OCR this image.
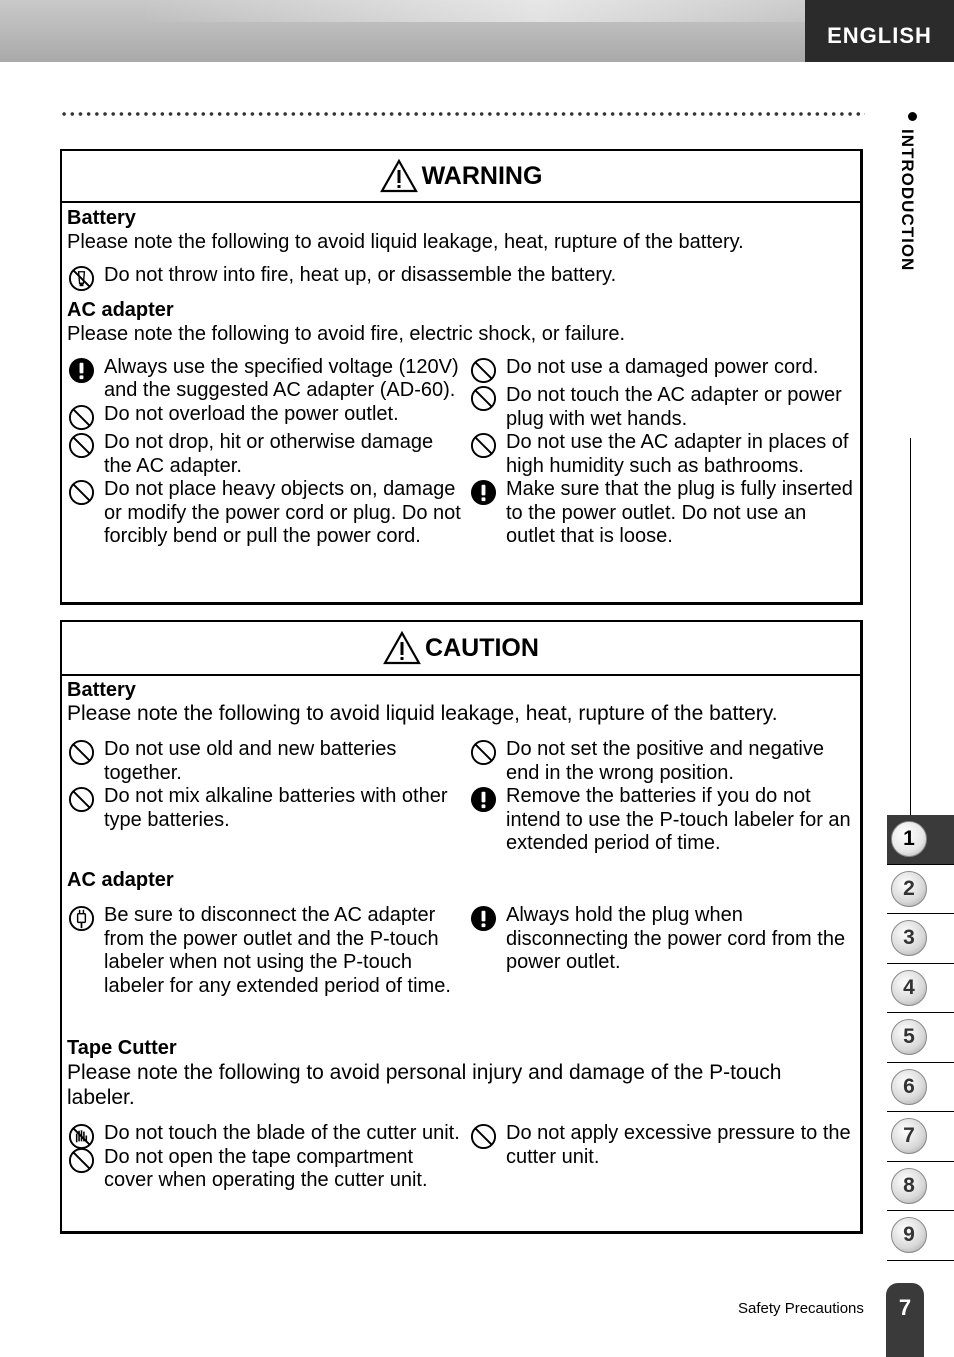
ENGLISH
INTRODUCTION
1
2
3
4
5
6
7
8
9
WARNING
Battery
Please note the following to avoid liquid leakage, heat, rupture of the battery.
Do not throw into fire, heat up, or disassemble the battery.
AC adapter
Please note the following to avoid fire, electric shock, or failure.
Always use the specified voltage (120V) and the suggested AC adapter (AD-60).
Do not overload the power outlet.
Do not drop, hit or otherwise damage the AC adapter.
Do not place heavy objects on, damage or modify the power cord or plug. Do not forcibly bend or pull the power cord.
Do not use a damaged power cord.
Do not touch the AC adapter or power plug with wet hands.
Do not use the AC adapter in places of high humidity such as bathrooms.
Make sure that the plug is fully inserted to the power outlet. Do not use an outlet that is loose.
CAUTION
Battery
Please note the following to avoid liquid leakage, heat, rupture of the battery.
Do not use old and new batteries together.
Do not mix alkaline batteries with other type batteries.
Do not set the positive and negative end in the wrong position.
Remove the batteries if you do not intend to use the P-touch labeler for an extended period of time.
AC adapter
Be sure to disconnect the AC adapter from the power outlet and the P-touch labeler when not using the P-touch labeler for any extended period of time.
Always hold the plug when disconnecting the power cord from the power outlet.
Tape Cutter
Please note the following to avoid personal injury and damage of the P-touch labeler.
Do not touch the blade of the cutter unit.
Do not open the tape compartment cover when operating the cutter unit.
Do not apply excessive pressure to the cutter unit.
Safety Precautions 7
